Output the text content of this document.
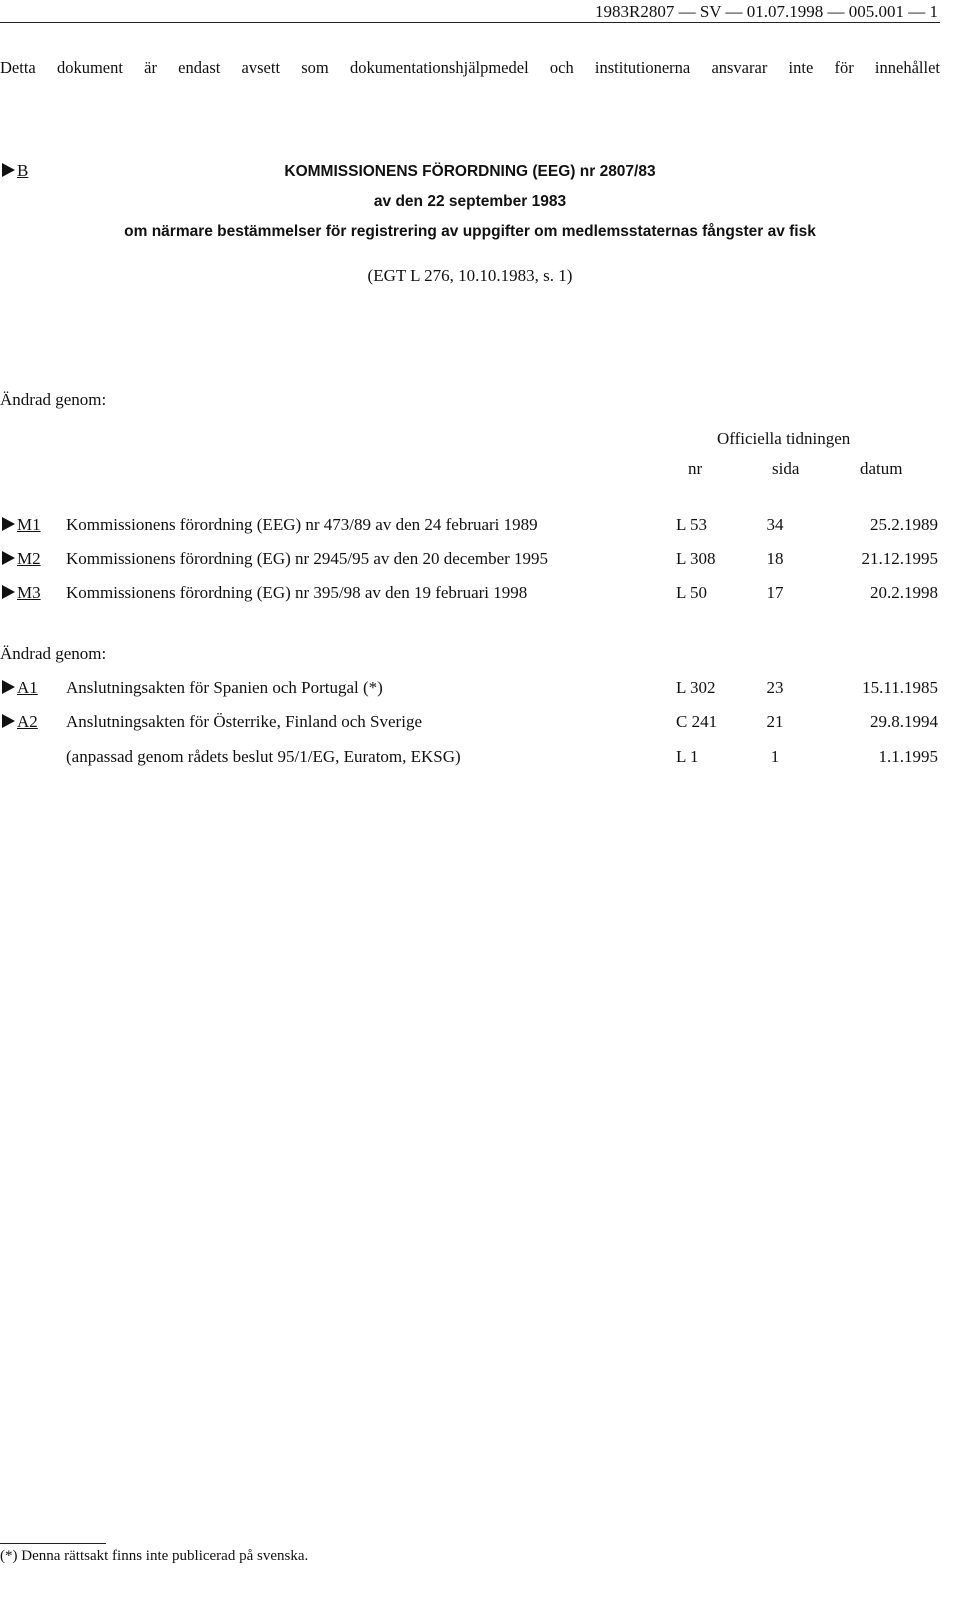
1983R2807 — SV — 01.07.1998 — 005.001 — 1
Detta dokument är endast avsett som dokumentationshjälpmedel och institutionerna ansvarar inte för innehållet
B	KOMMISSIONENS FÖRORDNING (EEG) nr 2807/83
av den 22 september 1983
om närmare bestämmelser för registrering av uppgifter om medlemsstaternas fångster av fisk
(EGT L 276, 10.10.1983, s. 1)
Ändrad genom:
Officiella tidningen
nr	sida	datum
M1 Kommissionens förordning (EEG) nr 473/89 av den 24 februari 1989	L 53	34	25.2.1989
M2 Kommissionens förordning (EG) nr 2945/95 av den 20 december 1995	L 308	18	21.12.1995
M3 Kommissionens förordning (EG) nr 395/98 av den 19 februari 1998	L 50	17	20.2.1998
Ändrad genom:
A1 Anslutningsakten för Spanien och Portugal (*)	L 302	23	15.11.1985
A2 Anslutningsakten för Österrike, Finland och Sverige	C 241	21	29.8.1994
(anpassad genom rådets beslut 95/1/EG, Euratom, EKSG)	L 1	1	1.1.1995
(*) Denna rättsakt finns inte publicerad på svenska.
